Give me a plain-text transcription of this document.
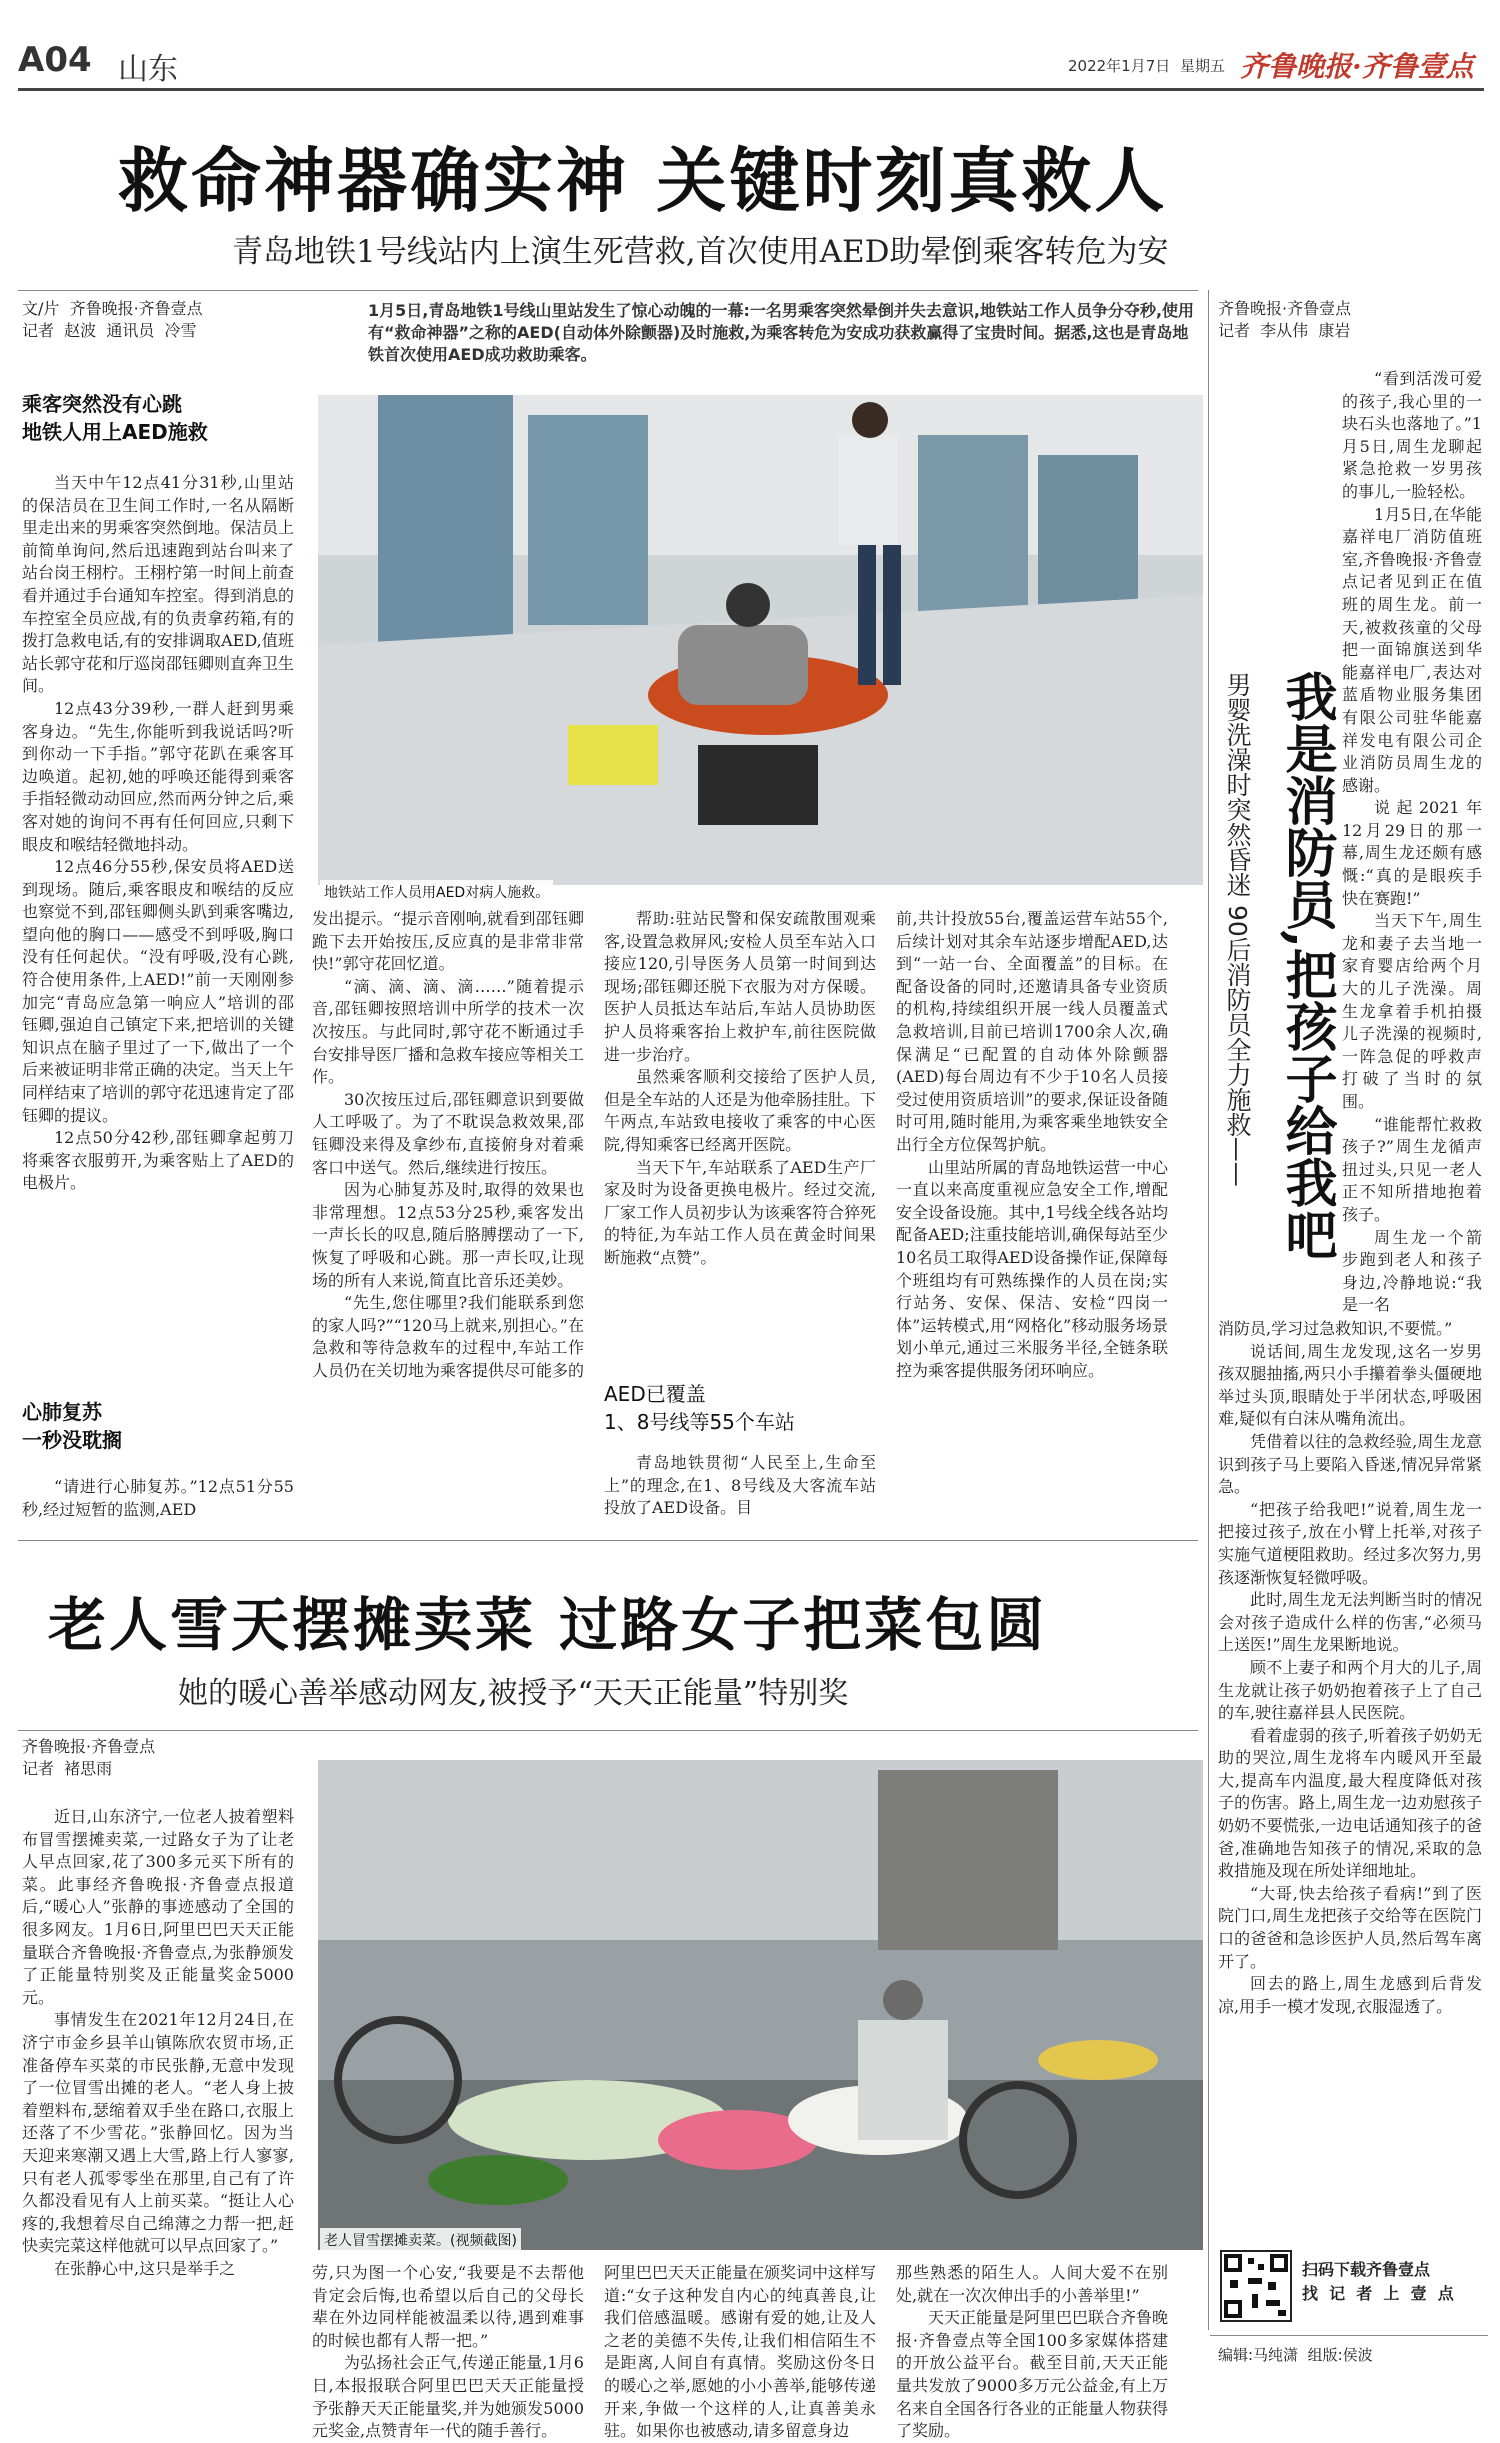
A04 山东	2022年1月7日 星期五 齐鲁晚报·齐鲁壹点
救命神器确实神 关键时刻真救人
青岛地铁1号线站内上演生死营救,首次使用AED助晕倒乘客转危为安
文/片  齐鲁晚报·齐鲁壹点
记者  赵波  通讯员  冷雪
1月5日,青岛地铁1号线山里站发生了惊心动魄的一幕:一名男乘客突然晕倒并失去意识,地铁站工作人员争分夺秒,使用有“救命神器”之称的AED(自动体外除颤器)及时施救,为乘客转危为安成功获救赢得了宝贵时间。据悉,这也是青岛地铁首次使用AED成功救助乘客。
地铁站工作人员用AED对病人施救。
乘客突然没有心跳
地铁人用上AED施救

当天中午12点41分31秒,山里站的保洁员在卫生间工作时,一名从隔断里走出来的男乘客突然倒地。保洁员上前简单询问,然后迅速跑到站台叫来了站台岗王栩柠。王栩柠第一时间上前查看并通过手台通知车控室。得到消息的车控室全员应战,有的负责拿药箱,有的拨打急救电话,有的安排调取AED,值班站长郭守花和厅巡岗邵钰卿则直奔卫生间。

12点43分39秒,一群人赶到男乘客身边。“先生,你能听到我说话吗?听到你动一下手指。”郭守花趴在乘客耳边唤道。起初,她的呼唤还能得到乘客手指轻微动动回应,然而两分钟之后,乘客对她的询问不再有任何回应,只剩下眼皮和喉结轻微地抖动。

12点46分55秒,保安员将AED送到现场。随后,乘客眼皮和喉结的反应也察觉不到,邵钰卿侧头趴到乘客嘴边,望向他的胸口——感受不到呼吸,胸口没有任何起伏。“没有呼吸,没有心跳,符合使用条件,上AED!”前一天刚刚参加完“青岛应急第一响应人”培训的邵钰卿,强迫自己镇定下来,把培训的关键知识点在脑子里过了一下,做出了一个后来被证明非常正确的决定。当天上午同样结束了培训的郭守花迅速肯定了邵钰卿的提议。

12点50分42秒,邵钰卿拿起剪刀将乘客衣服剪开,为乘客贴上了AED的电极片。

心肺复苏
一秒没耽搁

“请进行心肺复苏。”12点51分55秒,经过短暂的监测,AED

发出提示。“提示音刚响,就看到邵钰卿跪下去开始按压,反应真的是非常非常快!”郭守花回忆道。

“滴、滴、滴、滴……”随着提示音,邵钰卿按照培训中所学的技术一次次按压。与此同时,郭守花不断通过手台安排导医厂播和急救车接应等相关工作。

30次按压过后,邵钰卿意识到要做人工呼吸了。为了不耽误急救效果,邵钰卿没来得及拿纱布,直接俯身对着乘客口中送气。然后,继续进行按压。

因为心肺复苏及时,取得的效果也非常理想。12点53分25秒,乘客发出一声长长的叹息,随后胳膊摆动了一下,恢复了呼吸和心跳。那一声长叹,让现场的所有人来说,简直比音乐还美妙。

“先生,您住哪里?我们能联系到您的家人吗?”“120马上就来,别担心。”在急救和等待急救车的过程中,车站工作人员仍在关切地为乘客提供尽可能多的

帮助:驻站民警和保安疏散围观乘客,设置急救屏风;安检人员至车站入口接应120,引导医务人员第一时间到达现场;邵钰卿还脱下衣服为对方保暖。医护人员抵达车站后,车站人员协助医护人员将乘客抬上救护车,前往医院做进一步治疗。

虽然乘客顺利交接给了医护人员,但是全车站的人还是为他牵肠挂肚。下午两点,车站致电接收了乘客的中心医院,得知乘客已经离开医院。

当天下午,车站联系了AED生产厂家及时为设备更换电极片。经过交流,厂家工作人员初步认为该乘客符合猝死的特征,为车站工作人员在黄金时间果断施救“点赞”。

AED已覆盖
1、8号线等55个车站

青岛地铁贯彻“人民至上,生命至上”的理念,在1、8号线及大客流车站投放了AED设备。目

前,共计投放55台,覆盖运营车站55个,后续计划对其余车站逐步增配AED,达到“一站一台、全面覆盖”的目标。在配备设备的同时,还邀请具备专业资质的机构,持续组织开展一线人员覆盖式急救培训,目前已培训1700余人次,确保满足“已配置的自动体外除颤器(AED)每台周边有不少于10名人员接受过使用资质培训”的要求,保证设备随时可用,随时能用,为乘客乘坐地铁安全出行全方位保驾护航。

山里站所属的青岛地铁运营一中心一直以来高度重视应急安全工作,增配安全设备设施。其中,1号线全线各站均配备AED;注重技能培训,确保每站至少10名员工取得AED设备操作证,保障每个班组均有可熟练操作的人员在岗;实行站务、安保、保洁、安检“四岗一体”运转模式,用“网格化”移动服务场景划小单元,通过三米服务半径,全链条联控为乘客提供服务闭环响应。

齐鲁晚报·齐鲁壹点
记者  李从伟  康岩
我是消防员,把孩子给我吧
男婴洗澡时突然昏迷 90后消防员全力施救——

“看到活泼可爱的孩子,我心里的一块石头也落地了。”1月5日,周生龙聊起紧急抢救一岁男孩的事儿,一脸轻松。

1月5日,在华能嘉祥电厂消防值班室,齐鲁晚报·齐鲁壹点记者见到正在值班的周生龙。前一天,被救孩童的父母把一面锦旗送到华能嘉祥电厂,表达对蓝盾物业服务集团有限公司驻华能嘉祥发电有限公司企业消防员周生龙的感谢。

说起2021年12月29日的那一幕,周生龙还颇有感慨:“真的是眼疾手快在赛跑!”

当天下午,周生龙和妻子去当地一家育婴店给两个月大的儿子洗澡。周生龙拿着手机拍摄儿子洗澡的视频时,一阵急促的呼救声打破了当时的氛围。

“谁能帮忙救救孩子?”周生龙循声扭过头,只见一老人正不知所措地抱着孩子。

周生龙一个箭步跑到老人和孩子身边,冷静地说:“我是一名

消防员,学习过急救知识,不要慌。”

说话间,周生龙发现,这名一岁男孩双腿抽搐,两只小手攥着拳头僵硬地举过头顶,眼睛处于半闭状态,呼吸困难,疑似有白沫从嘴角流出。

凭借着以往的急救经验,周生龙意识到孩子马上要陷入昏迷,情况异常紧急。

“把孩子给我吧!”说着,周生龙一把接过孩子,放在小臂上托举,对孩子实施气道梗阻救助。经过多次努力,男孩逐渐恢复轻微呼吸。

此时,周生龙无法判断当时的情况会对孩子造成什么样的伤害,“必须马上送医!”周生龙果断地说。

顾不上妻子和两个月大的儿子,周生龙就让孩子奶奶抱着孩子上了自己的车,驶往嘉祥县人民医院。

看着虚弱的孩子,听着孩子奶奶无助的哭泣,周生龙将车内暖风开至最大,提高车内温度,最大程度降低对孩子的伤害。路上,周生龙一边劝慰孩子奶奶不要慌张,一边电话通知孩子的爸爸,准确地告知孩子的情况,采取的急救措施及现在所处详细地址。

“大哥,快去给孩子看病!”到了医院门口,周生龙把孩子交给等在医院门口的爸爸和急诊医护人员,然后驾车离开了。

回去的路上,周生龙感到后背发凉,用手一模才发现,衣服湿透了。

扫码下载齐鲁壹点
找  记  者  上  壹  点
编辑:马纯潇  组版:侯波
老人雪天摆摊卖菜 过路女子把菜包圆
她的暖心善举感动网友,被授予“天天正能量”特别奖
齐鲁晚报·齐鲁壹点
记者  褚思雨
老人冒雪摆摊卖菜。(视频截图)

近日,山东济宁,一位老人披着塑料布冒雪摆摊卖菜,一过路女子为了让老人早点回家,花了300多元买下所有的菜。此事经齐鲁晚报·齐鲁壹点报道后,“暖心人”张静的事迹感动了全国的很多网友。1月6日,阿里巴巴天天正能量联合齐鲁晚报·齐鲁壹点,为张静颁发了正能量特别奖及正能量奖金5000元。

事情发生在2021年12月24日,在济宁市金乡县羊山镇陈欣农贸市场,正准备停车买菜的市民张静,无意中发现了一位冒雪出摊的老人。“老人身上披着塑料布,瑟缩着双手坐在路口,衣服上还落了不少雪花。”张静回忆。因为当天迎来寒潮又遇上大雪,路上行人寥寥,只有老人孤零零坐在那里,自己有了许久都没看见有人上前买菜。“挺让人心疼的,我想着尽自己绵薄之力帮一把,赶快卖完菜这样他就可以早点回家了。”

在张静心中,这只是举手之	劳,只为图一个心安,“我要是不去帮他肯定会后悔,也希望以后自己的父母长辈在外边同样能被温柔以待,遇到难事的时候也都有人帮一把。”

为弘扬社会正气,传递正能量,1月6日,本报报联合阿里巴巴天天正能量授予张静天天正能量奖,并为她颁发5000元奖金,点赞青年一代的随手善行。

阿里巴巴天天正能量在颁奖词中这样写道:“女子这种发自内心的纯真善良,让我们倍感温暖。感谢有爱的她,让及人之老的美德不失传,让我们相信陌生不是距离,人间自有真情。奖励这份冬日的暖心之举,愿她的小小善举,能够传递开来,争做一个这样的人,让真善美永驻。如果你也被感动,请多留意身边

那些熟悉的陌生人。人间大爱不在别处,就在一次次伸出手的小善举里!”

天天正能量是阿里巴巴联合齐鲁晚报·齐鲁壹点等全国100多家媒体搭建的开放公益平台。截至目前,天天正能量共发放了9000多万元公益金,有上万名来自全国各行各业的正能量人物获得了奖励。
